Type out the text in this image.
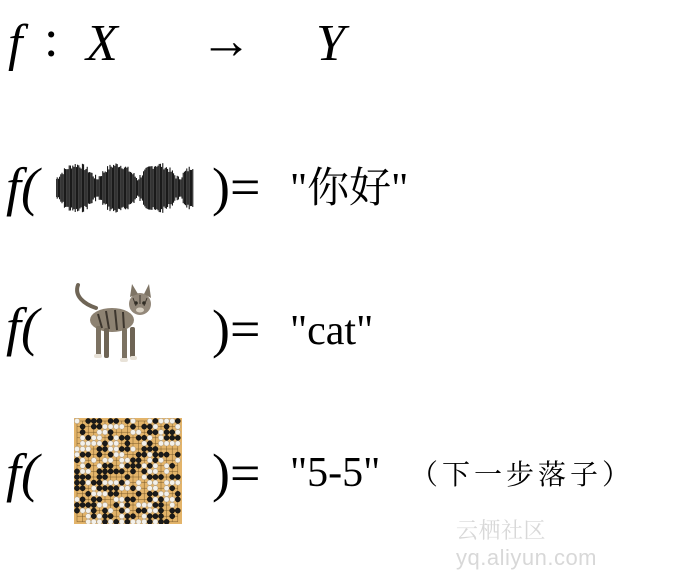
f : X → Y
f(	)= "你好"
f(	)= "cat"
f(	)= "5-5" （下一步落子）
云栖社区 yq.aliyun.com
